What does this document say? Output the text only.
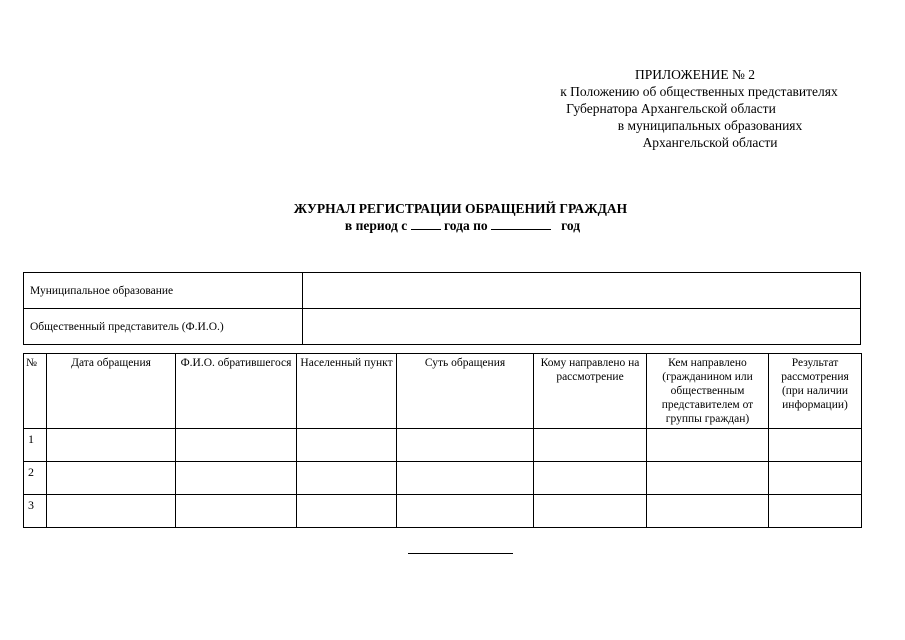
ПРИЛОЖЕНИЕ № 2
к Положению об общественных представителях
Губернатора Архангельской области
в муниципальных образованиях
Архангельской области
ЖУРНАЛ РЕГИСТРАЦИИ ОБРАЩЕНИЙ ГРАЖДАН
в период с	года по	год
Муниципальное образование	
Общественный представитель (Ф.И.О.)	
№	Дата обращения	Ф.И.О. обратившегося	Населенный пункт	Суть обращения	Кому направлено на рассмотрение	Кем направлено (гражданином или общественным представителем от группы граждан)	Результат рассмотрения (при наличии информации)
1							
2							
3							
